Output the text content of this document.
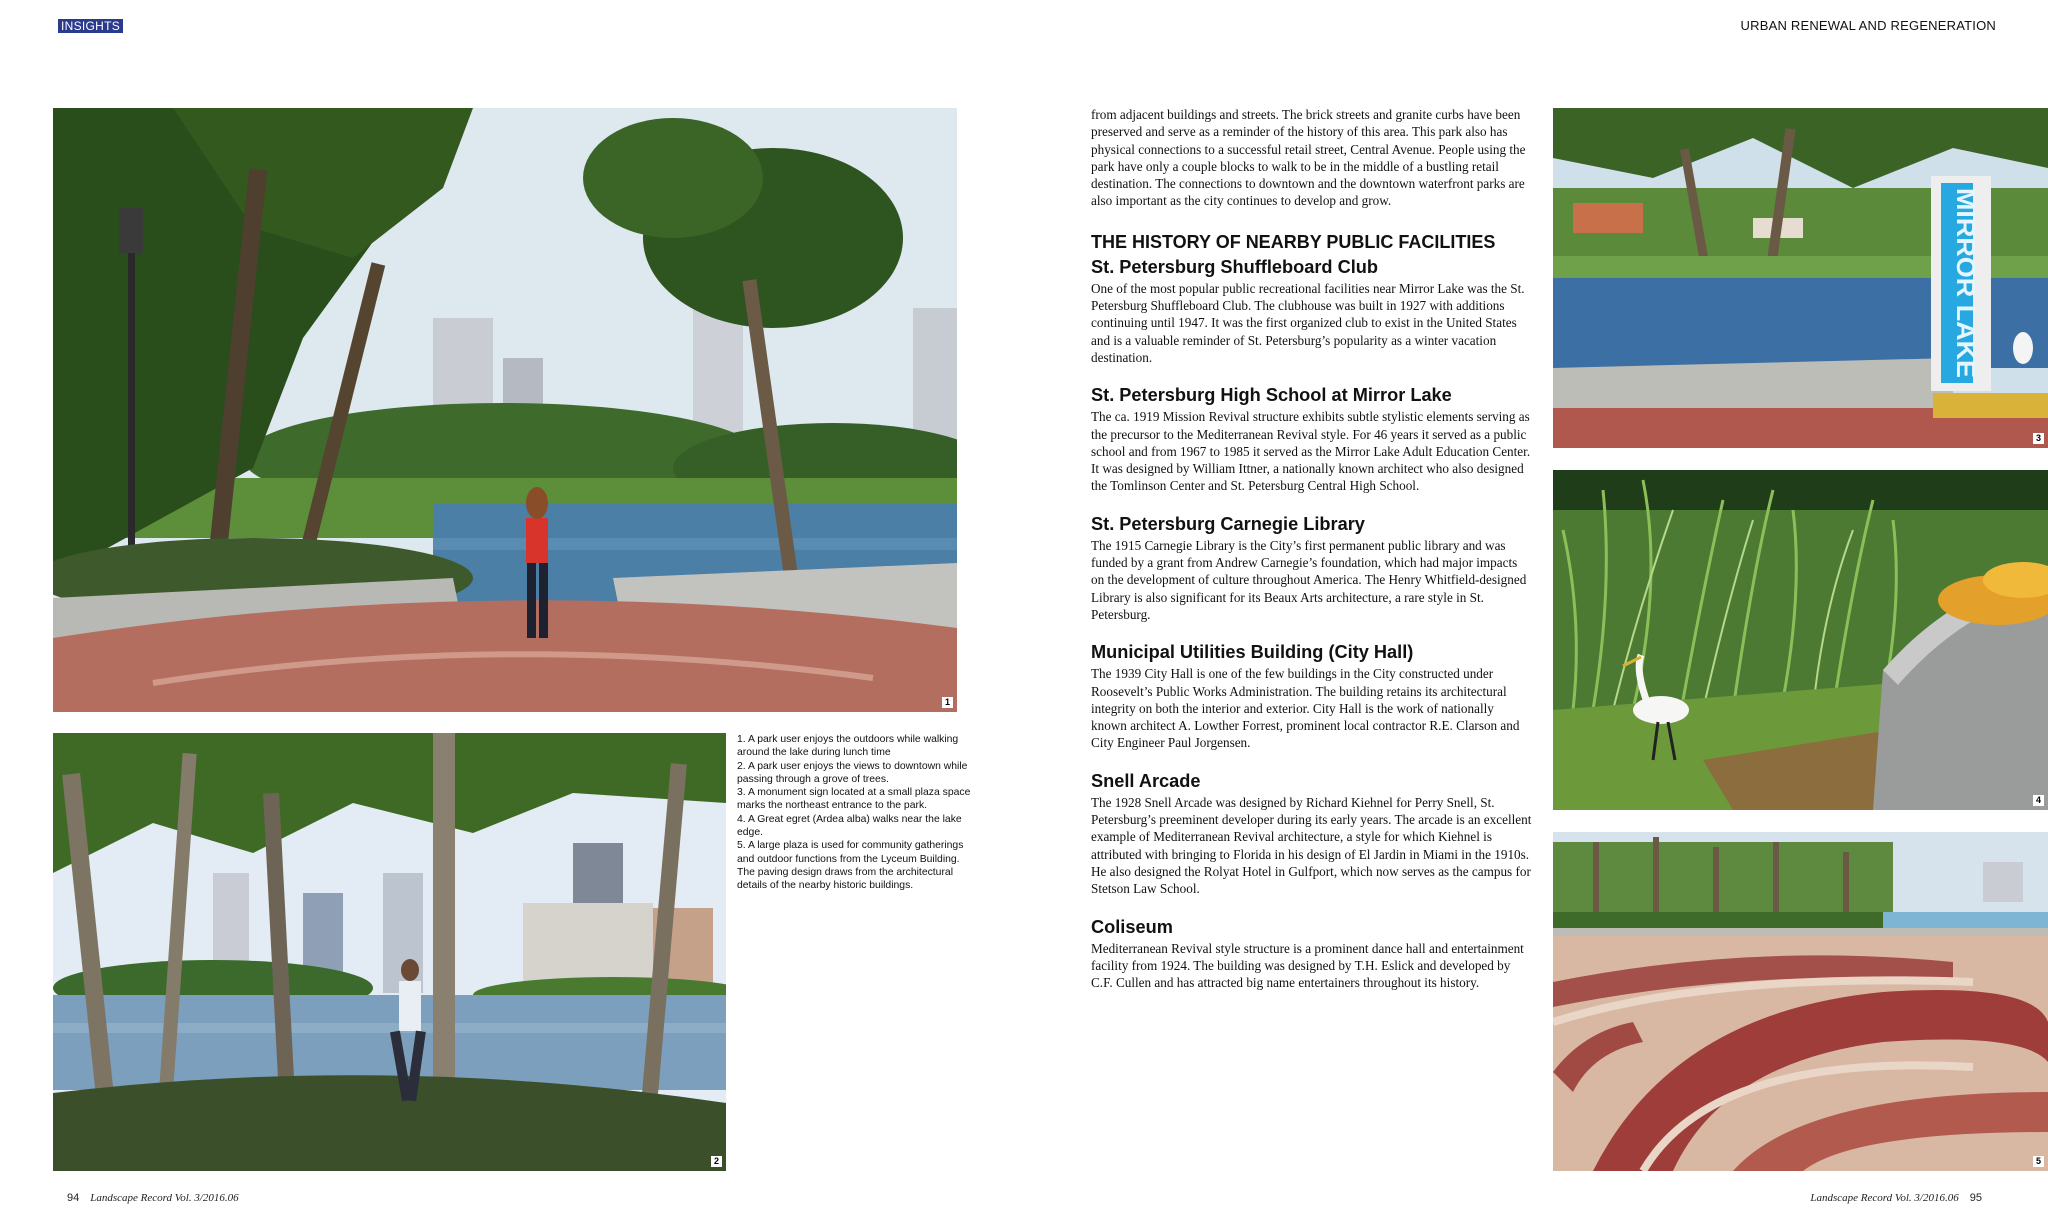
INSIGHTS	URBAN RENEWAL AND REGENERATION
1
2
1. A park user enjoys the outdoors while walking around the lake during lunch time
2. A park user enjoys the views to downtown while passing through a grove of trees.
3. A monument sign located at a small plaza space marks the northeast entrance to the park.
4. A Great egret (Ardea alba) walks near the lake edge.
5. A large plaza is used for community gatherings and outdoor functions from the Lyceum Building. The paving design draws from the architectural details of the nearby historic buildings.

from adjacent buildings and streets. The brick streets and granite curbs have been preserved and serve as a reminder of the history of this area. This park also has physical connections to a successful retail street, Central Avenue. People using the park have only a couple blocks to walk to be in the middle of a bustling retail destination. The connections to downtown and the downtown waterfront parks are also important as the city continues to develop and grow.

THE HISTORY OF NEARBY PUBLIC FACILITIES
St. Petersburg Shuffleboard Club

One of the most popular public recreational facilities near Mirror Lake was the St. Petersburg Shuffleboard Club. The clubhouse was built in 1927 with additions continuing until 1947. It was the first organized club to exist in the United States and is a valuable reminder of St. Petersburg’s popularity as a winter vacation destination.

St. Petersburg High School at Mirror Lake

The ca. 1919 Mission Revival structure exhibits subtle stylistic elements serving as the precursor to the Mediterranean Revival style. For 46 years it served as a public school and from 1967 to 1985 it served as the Mirror Lake Adult Education Center. It was designed by William Ittner, a nationally known architect who also designed the Tomlinson Center and St. Petersburg Central High School.

St. Petersburg Carnegie Library

The 1915 Carnegie Library is the City’s first permanent public library and was funded by a grant from Andrew Carnegie’s foundation, which had major impacts on the development of culture throughout America. The Henry Whitfield-designed Library is also significant for its Beaux Arts architecture, a rare style in St. Petersburg.

Municipal Utilities Building (City Hall)

The 1939 City Hall is one of the few buildings in the City constructed under Roosevelt’s Public Works Administration. The building retains its architectural integrity on both the interior and exterior. City Hall is the work of nationally known architect A. Lowther Forrest, prominent local contractor R.E. Clarson and City Engineer Paul Jorgensen.

Snell Arcade

The 1928 Snell Arcade was designed by Richard Kiehnel for Perry Snell, St. Petersburg’s preeminent developer during its early years. The arcade is an excellent example of Mediterranean Revival architecture, a style for which Kiehnel is attributed with bringing to Florida in his design of El Jardin in Miami in the 1910s. He also designed the Rolyat Hotel in Gulfport, which now serves as the campus for Stetson Law School.

Coliseum

Mediterranean Revival style structure is a prominent dance hall and entertainment facility from 1924. The building was designed by T.H. Eslick and developed by C.F. Cullen and has attracted big name entertainers throughout its history.

MIRROR LAKE
3
4
5
94 Landscape Record Vol. 3/2016.06	Landscape Record Vol. 3/2016.06 95
